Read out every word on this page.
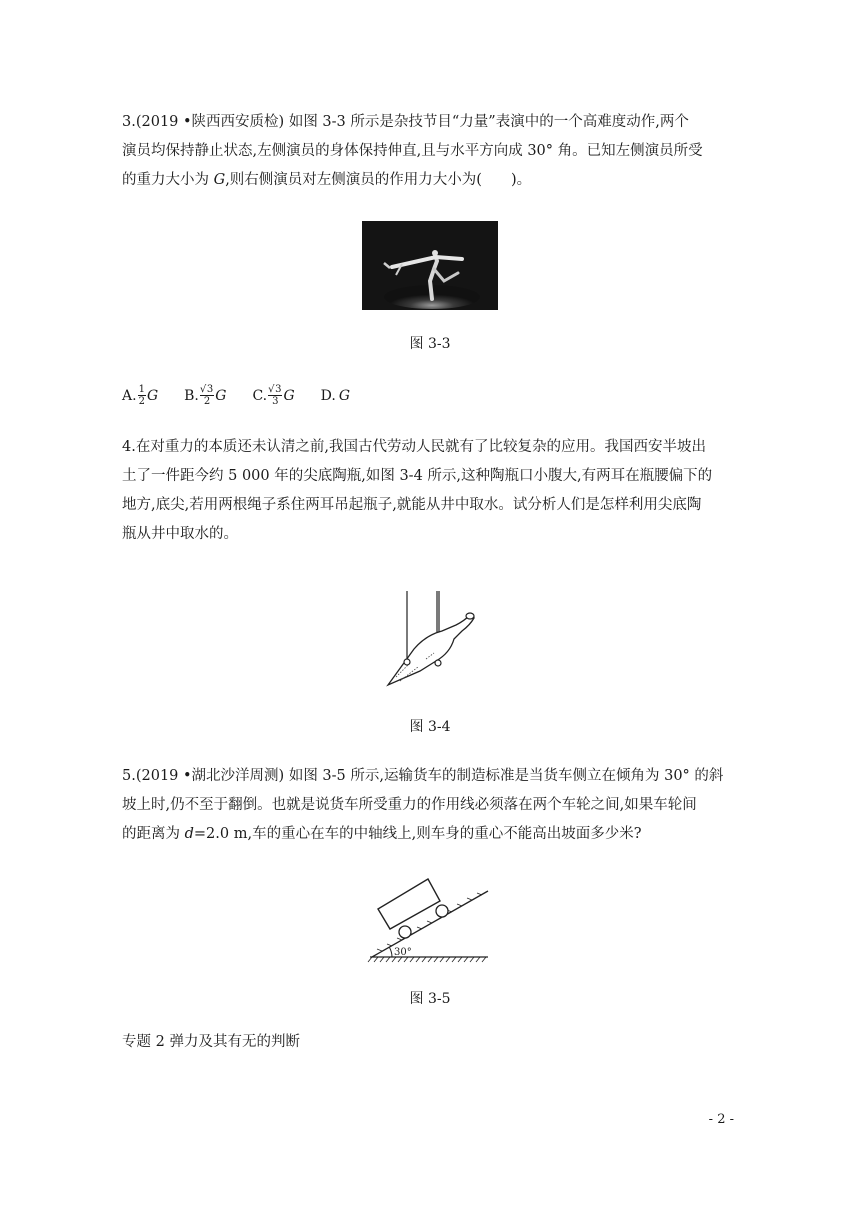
3.(2019 •陕西西安质检) 如图 3-3 所示是杂技节目“力量”表演中的一个高难度动作,两个
演员均保持静止状态,左侧演员的身体保持伸直,且与水平方向成 30° 角。已知左侧演员所受
的重力大小为 G,则右侧演员对左侧演员的作用力大小为(　　)。

图 3-3
A. $\frac{1}{2}$ G B. √ $\frac{3}{2}$ G C. √ $\frac{3}{3}$ G D. G

4.在对重力的本质还未认清之前,我国古代劳动人民就有了比较复杂的应用。我国西安半坡出
土了一件距今约 5 000 年的尖底陶瓶,如图 3-4 所示,这种陶瓶口小腹大,有两耳在瓶腰偏下的
地方,底尖,若用两根绳子系住两耳吊起瓶子,就能从井中取水。试分析人们是怎样利用尖底陶
瓶从井中取水的。

图 3-4

5.(2019 •湖北沙洋周测) 如图 3-5 所示,运输货车的制造标准是当货车侧立在倾角为 30° 的斜
坡上时,仍不至于翻倒。也就是说货车所受重力的作用线必须落在两个车轮之间,如果车轮间
的距离为 d=2.0 m,车的重心在车的中轴线上,则车身的重心不能高出坡面多少米?

30°
图 3-5
专题 2 弹力及其有无的判断
- 2 -
